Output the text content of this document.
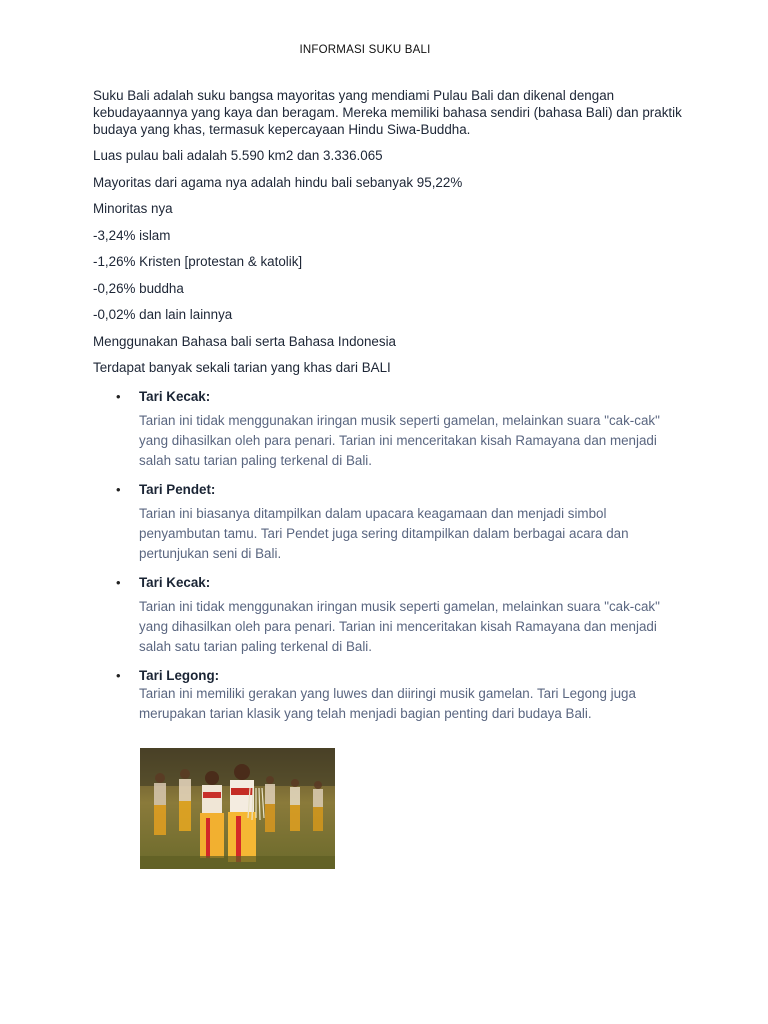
INFORMASI SUKU BALI

Suku Bali adalah suku bangsa mayoritas yang mendiami Pulau Bali dan dikenal dengan kebudayaannya yang kaya dan beragam. Mereka memiliki bahasa sendiri (bahasa Bali) dan praktik budaya yang khas, termasuk kepercayaan Hindu Siwa-Buddha.

Luas pulau bali adalah 5.590 km2 dan 3.336.065

Mayoritas dari agama nya adalah hindu bali sebanyak 95,22%

Minoritas nya

-3,24% islam

-1,26% Kristen [protestan & katolik]

-0,26% buddha

-0,02% dan lain lainnya

Menggunakan Bahasa bali serta Bahasa Indonesia

Terdapat banyak sekali tarian yang khas dari BALI

• Tari Kecak:

Tarian ini tidak menggunakan iringan musik seperti gamelan, melainkan suara "cak-cak" yang dihasilkan oleh para penari. Tarian ini menceritakan kisah Ramayana dan menjadi salah satu tarian paling terkenal di Bali.

• Tari Pendet:

Tarian ini biasanya ditampilkan dalam upacara keagamaan dan menjadi simbol penyambutan tamu. Tari Pendet juga sering ditampilkan dalam berbagai acara dan pertunjukan seni di Bali.

• Tari Kecak:

Tarian ini tidak menggunakan iringan musik seperti gamelan, melainkan suara "cak-cak" yang dihasilkan oleh para penari. Tarian ini menceritakan kisah Ramayana dan menjadi salah satu tarian paling terkenal di Bali.

• Tari Legong:

Tarian ini memiliki gerakan yang luwes dan diiringi musik gamelan. Tari Legong juga merupakan tarian klasik yang telah menjadi bagian penting dari budaya Bali.
